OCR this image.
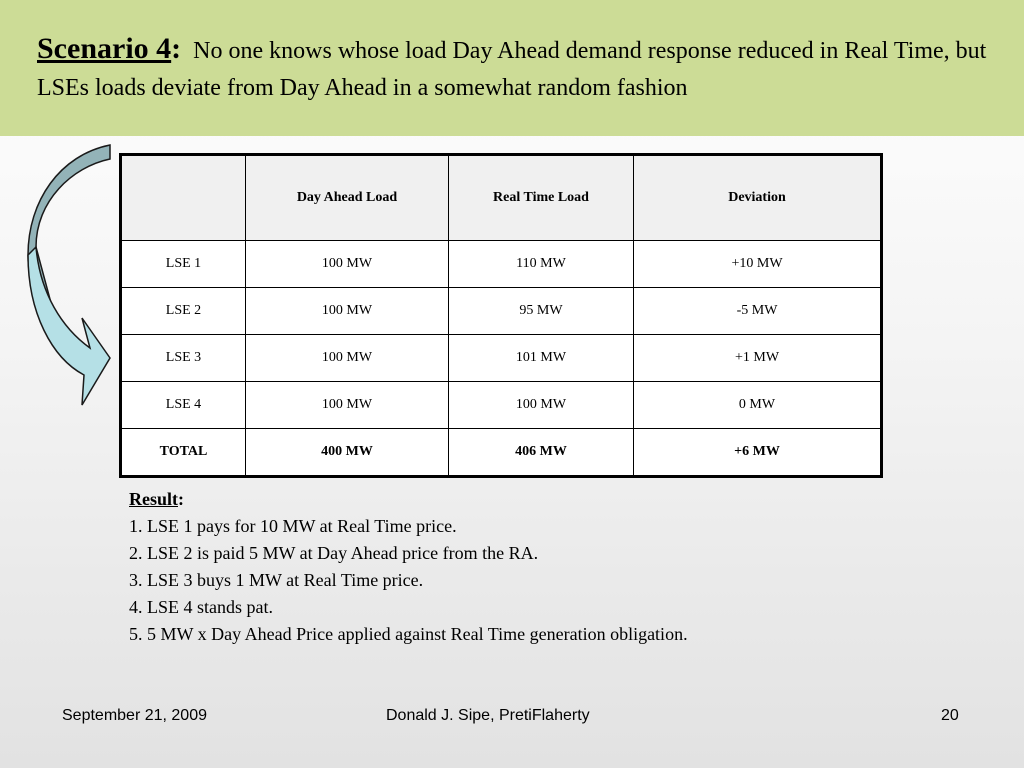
Scenario 4: No one knows whose load Day Ahead demand response reduced in Real Time, but LSEs loads deviate from Day Ahead in a somewhat random fashion
	Day Ahead Load	Real Time Load	Deviation
LSE 1	100 MW	110 MW	+10 MW
LSE 2	100 MW	95 MW	-5 MW
LSE 3	100 MW	101 MW	+1 MW
LSE 4	100 MW	100 MW	0 MW
TOTAL	400 MW	406 MW	+6 MW
Result:
1. LSE 1 pays for 10 MW at Real Time price.
2. LSE 2 is paid 5 MW at Day Ahead price from the RA.
3. LSE 3 buys 1 MW at Real Time price.
4. LSE 4 stands pat.
5. 5 MW x Day Ahead Price applied against Real Time generation obligation.
September 21, 2009	Donald J. Sipe, PretiFlaherty	20
